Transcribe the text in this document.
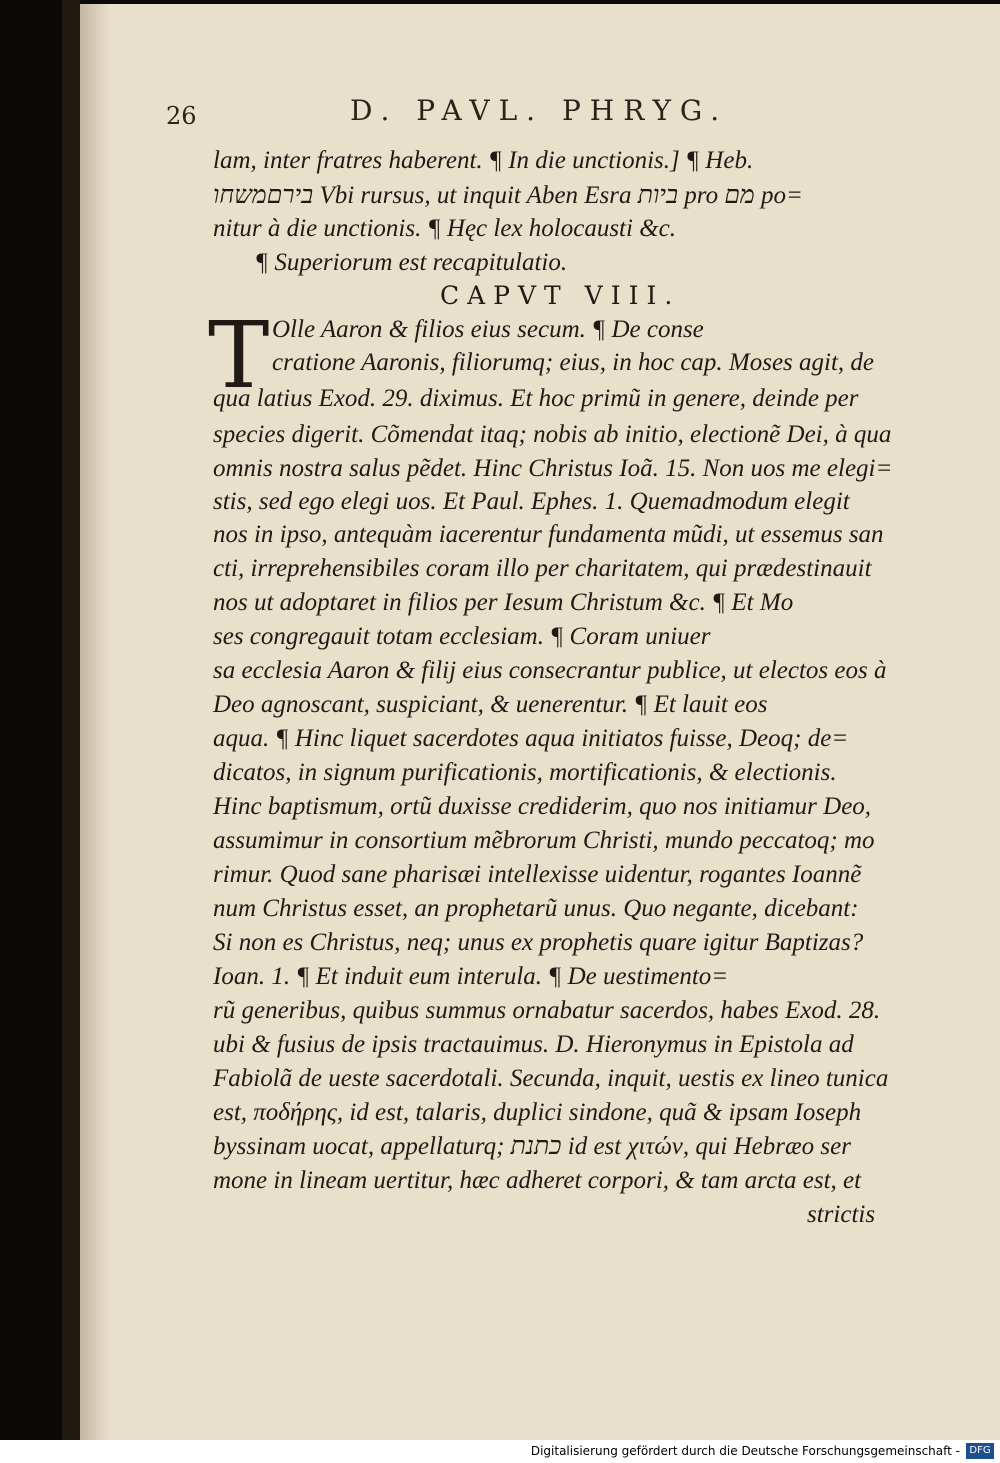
26	D. PAVL. PHRYG.
lam, inter fratres haberent. ¶ In die unctionis.] ¶ Heb.
בירםמשחו Vbi rursus, ut inquit Aben Esra ביות pro מם po=
nitur à die unctionis. ¶ Hęc lex holocausti &c.
¶ Superiorum est recapitulatio.
CAPVT VIII.
T Olle Aaron & filios eius secum. ¶ De conse
cratione Aaronis, filiorumq; eius, in hoc cap. Moses agit, de
qua latius Exod. 29. diximus. Et hoc primũ in genere, deinde per
species digerit. Cõmendat itaq; nobis ab initio, electionẽ Dei, à qua
omnis nostra salus pẽdet. Hinc Christus Ioã. 15. Non uos me elegi=
stis, sed ego elegi uos. Et Paul. Ephes. 1. Quemadmodum elegit
nos in ipso, antequàm iacerentur fundamenta mũdi, ut essemus san
cti, irreprehensibiles coram illo per charitatem, qui prædestinauit
nos ut adoptaret in filios per Iesum Christum &c. ¶ Et Mo
ses congregauit totam ecclesiam. ¶ Coram uniuer
sa ecclesia Aaron & filij eius consecrantur publice, ut electos eos à
Deo agnoscant, suspiciant, & uenerentur. ¶ Et lauit eos
aqua. ¶ Hinc liquet sacerdotes aqua initiatos fuisse, Deoq; de=
dicatos, in signum purificationis, mortificationis, & electionis.
Hinc baptismum, ortũ duxisse crediderim, quo nos initiamur Deo,
assumimur in consortium mẽbrorum Christi, mundo peccatoq; mo
rimur. Quod sane pharisæi intellexisse uidentur, rogantes Ioannẽ
num Christus esset, an prophetarũ unus. Quo negante, dicebant:
Si non es Christus, neq; unus ex prophetis quare igitur Baptizas?
Ioan. 1. ¶ Et induit eum interula. ¶ De uestimento=
rũ generibus, quibus summus ornabatur sacerdos, habes Exod. 28.
ubi & fusius de ipsis tractauimus. D. Hieronymus in Epistola ad
Fabiolã de ueste sacerdotali. Secunda, inquit, uestis ex lineo tunica
est, ποδήρης, id est, talaris, duplici sindone, quã & ipsam Ioseph
byssinam uocat, appellaturq; כתנת id est χιτών, qui Hebræo ser
mone in lineam uertitur, hæc adheret corpori, & tam arcta est, et
strictis
Digitalisierung gefördert durch die Deutsche Forschungsgemeinschaft - DFG
